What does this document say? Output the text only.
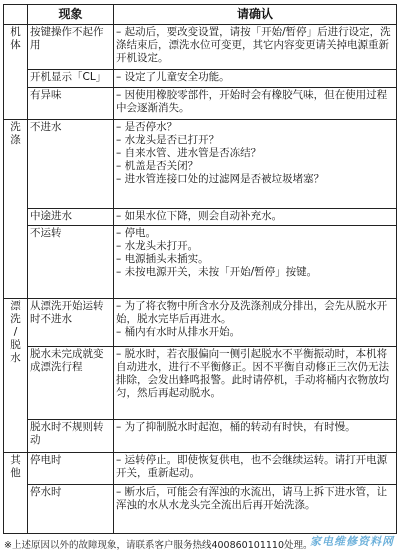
	现象	请确认

机
体	按键操作不起作用	– 起动后，要改变设置，请按「开始/暂停」后进行设定，洗涤结束后，漂洗水位可变更，其它内容变更请关掉电源重新开机设定。

	开机显示「CL」	– 设定了儿童安全功能。

	有异味	– 因使用橡胶零部件，开始时会有橡胶气味，但在使用过程中会逐渐消失。

洗
涤	不进水	– 是否停水？
– 水龙头是否已打开？
– 自来水管、进水管是否冻结？
– 机盖是否关闭？
– 进水管连接口处的过滤网是否被垃圾堵塞？

	中途进水	– 如果水位下降，则会自动补充水。

	不运转	– 停电。
– 水龙头未打开。
– 电源插头未插实。
– 未按电源开关，未按「开始/暂停」按键。

漂
洗
/
脱
水	从漂洗开始运转时不进水	– 为了将衣物中所含水分及洗涤剂成分排出，会先从脱水开始，脱水完毕后再进水。
– 桶内有水时从排水开始。

	脱水未完成就变成漂洗行程	– 脱水时，若衣服偏向一侧引起脱水不平衡振动时，本机将自动进水，进行不平衡修正。因不平衡自动修正三次仍无法排除，会发出蜂鸣报警。此时请停机，手动将桶内衣物放均匀，然后再起动脱水。

	脱水时不规则转动	– 为了抑制脱水时起泡，桶的转动有时快，有时慢。

其
他	停电时	– 运转停止。即使恢复供电，也不会继续运转。请打开电源开关，重新起动。

	停水时	– 断水后，可能会有浑浊的水流出，请马上拆下进水管，让浑浊的水从水龙头完全流出后再开始洗涤。
※上述原因以外的故障现象，请联系客户服务热线400860101110处理。
家电维修资料网
